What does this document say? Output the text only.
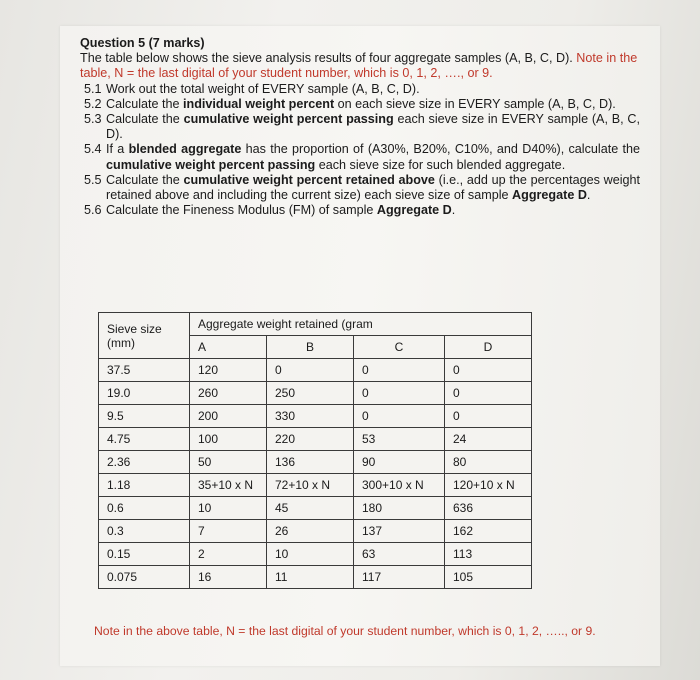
Question 5 (7 marks)

The table below shows the sieve analysis results of four aggregate samples (A, B, C, D). Note in the table, N = the last digital of your student number, which is 0, 1, 2, …., or 9.

5.1 Work out the total weight of EVERY sample (A, B, C, D).
5.2 Calculate the individual weight percent on each sieve size in EVERY sample (A, B, C, D).
5.3 Calculate the cumulative weight percent passing each sieve size in EVERY sample (A, B, C, D).
5.4 If a blended aggregate has the proportion of (A30%, B20%, C10%, and D40%), calculate the cumulative weight percent passing each sieve size for such blended aggregate.
5.5 Calculate the cumulative weight percent retained above (i.e., add up the percentages weight retained above and including the current size) each sieve size of sample Aggregate D.
5.6 Calculate the Fineness Modulus (FM) of sample Aggregate D.
Sieve size (mm)	Aggregate weight retained (gram			
	A	B	C	D
37.5	120	0	0	0
19.0	260	250	0	0
9.5	200	330	0	0
4.75	100	220	53	24
2.36	50	136	90	80
1.18	35+10 x N	72+10 x N	300+10 x N	120+10 x N
0.6	10	45	180	636
0.3	7	26	137	162
0.15	2	10	63	113
0.075	16	11	117	105
Note in the above table, N = the last digital of your student number, which is 0, 1, 2, ….., or 9.
